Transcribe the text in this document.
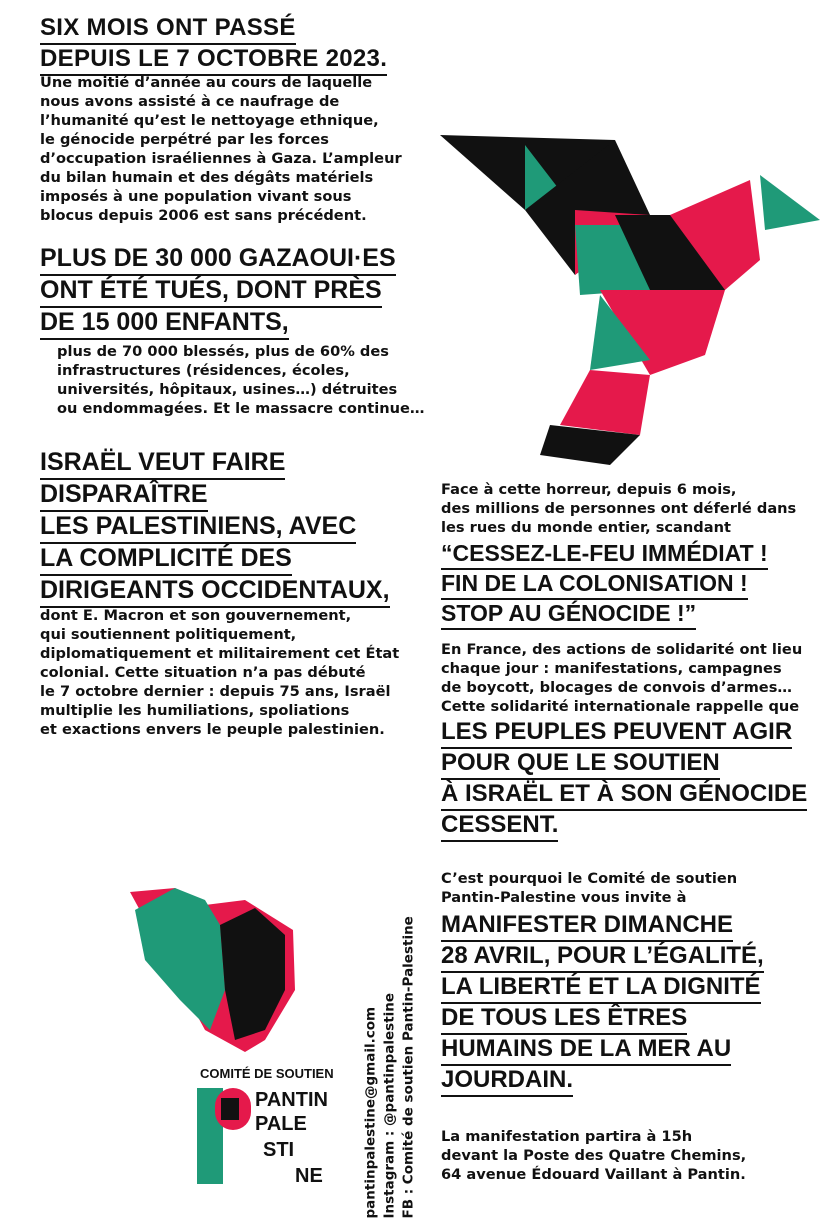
SIX MOIS ONT PASSÉ
DEPUIS LE 7 OCTOBRE 2023.
Une moitié d’année au cours de laquelle
nous avons assisté à ce naufrage de
l’humanité qu’est le nettoyage ethnique,
le génocide perpétré par les forces
d’occupation israéliennes à Gaza. L’ampleur
du bilan humain et des dégâts matériels
imposés à une population vivant sous
blocus depuis 2006 est sans précédent.
PLUS DE 30 000 GAZAOUI·ES
ONT ÉTÉ TUÉS, DONT PRÈS
DE 15 000 ENFANTS,
plus de 70 000 blessés, plus de 60% des
infrastructures (résidences, écoles,
universités, hôpitaux, usines…) détruites
ou endommagées. Et le massacre continue…
ISRAËL VEUT FAIRE
DISPARAÎTRE
LES PALESTINIENS, AVEC
LA COMPLICITÉ DES
DIRIGEANTS OCCIDENTAUX,
dont E. Macron et son gouvernement,
qui soutiennent politiquement,
diplomatiquement et militairement cet État
colonial. Cette situation n’a pas débuté
le 7 octobre dernier : depuis 75 ans, Israël
multiplie les humiliations, spoliations
et exactions envers le peuple palestinien.
Face à cette horreur, depuis 6 mois,
des millions de personnes ont déferlé dans
les rues du monde entier, scandant
“CESSEZ-LE-FEU IMMÉDIAT !
FIN DE LA COLONISATION !
STOP AU GÉNOCIDE !”
En France, des actions de solidarité ont lieu
chaque jour : manifestations, campagnes
de boycott, blocages de convois d’armes…
Cette solidarité internationale rappelle que
LES PEUPLES PEUVENT AGIR
POUR QUE LE SOUTIEN
À ISRAËL ET À SON GÉNOCIDE
CESSENT.
C’est pourquoi le Comité de soutien
Pantin-Palestine vous invite à
MANIFESTER DIMANCHE
28 AVRIL, POUR L’ÉGALITÉ,
LA LIBERTÉ ET LA DIGNITÉ
DE TOUS LES ÊTRES
HUMAINS DE LA MER AU
JOURDAIN.
La manifestation partira à 15h
devant la Poste des Quatre Chemins,
64 avenue Édouard Vaillant à Pantin.
COMITÉ DE SOUTIEN
PANTIN
PALE
STI
NE	pantinpalestine@gmail.com Instagram : @pantinpalestine FB : Comité de soutien Pantin-Palestine
